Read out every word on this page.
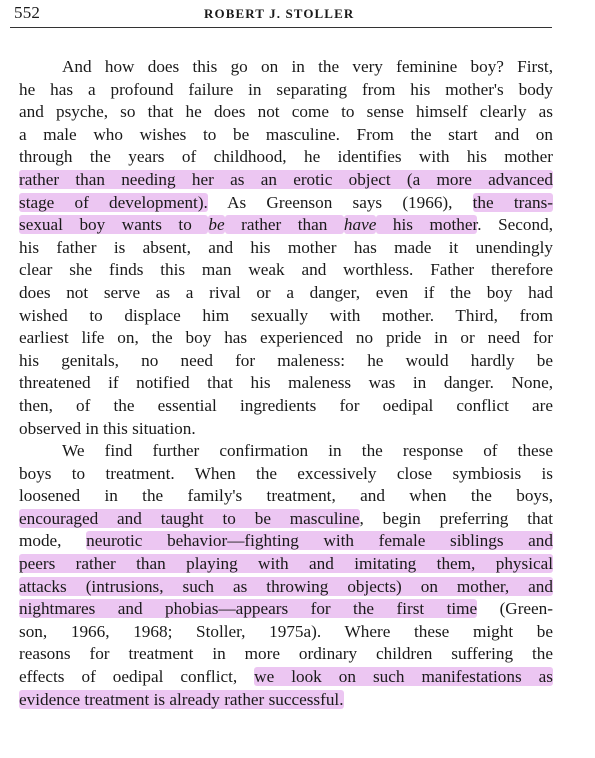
552	ROBERT J. STOLLER
And how does this go on in the very feminine boy? First,
he has a profound failure in separating from his mother's body
and psyche, so that he does not come to sense himself clearly as
a male who wishes to be masculine. From the start and on
through the years of childhood, he identifies with his mother
rather than needing her as an erotic object (a more advanced
stage of development). As Greenson says (1966), the trans-
sexual boy wants to be rather than have his mother. Second,
his father is absent, and his mother has made it unendingly
clear she finds this man weak and worthless. Father therefore
does not serve as a rival or a danger, even if the boy had
wished to displace him sexually with mother. Third, from
earliest life on, the boy has experienced no pride in or need for
his genitals, no need for maleness: he would hardly be
threatened if notified that his maleness was in danger. None,
then, of the essential ingredients for oedipal conflict are
observed in this situation.
We find further confirmation in the response of these
boys to treatment. When the excessively close symbiosis is
loosened in the family's treatment, and when the boys,
encouraged and taught to be masculine, begin preferring that
mode, neurotic behavior—fighting with female siblings and
peers rather than playing with and imitating them, physical
attacks (intrusions, such as throwing objects) on mother, and
nightmares and phobias—appears for the first time (Green-
son, 1966, 1968; Stoller, 1975a). Where these might be
reasons for treatment in more ordinary children suffering the
effects of oedipal conflict, we look on such manifestations as
evidence treatment is already rather successful.
